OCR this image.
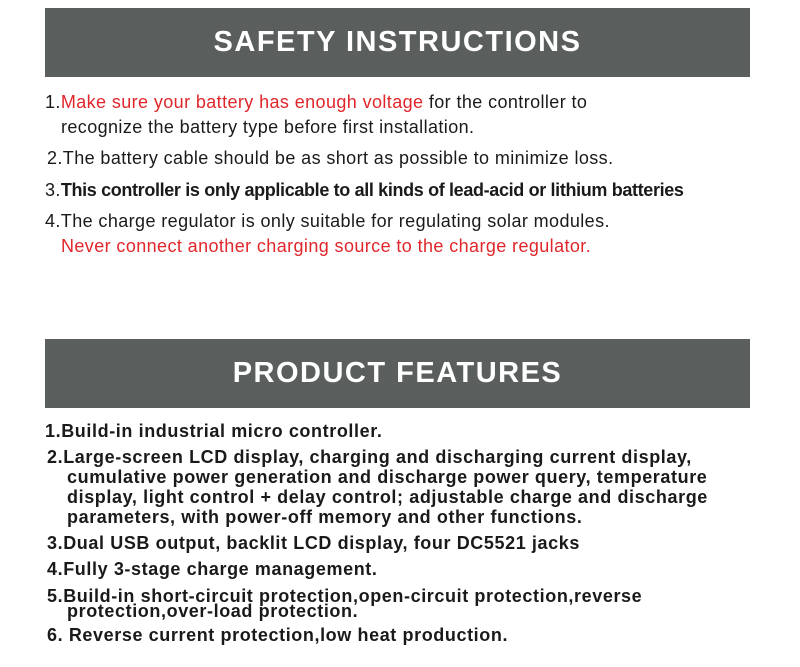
SAFETY INSTRUCTIONS
1.Make sure your battery has enough voltage for the controller to
recognize the battery type before first installation.
2.The battery cable should be as short as possible to minimize loss.
3.This controller is only applicable to all kinds of lead-acid or lithium batteries
4.The charge regulator is only suitable for regulating solar modules.
Never connect another charging source to the charge regulator.
PRODUCT FEATURES
1.Build-in industrial micro controller.
2.Large-screen LCD display, charging and discharging current display,
cumulative power generation and discharge power query, temperature
display, light control + delay control; adjustable charge and discharge
parameters, with power-off memory and other functions.
3.Dual USB output, backlit LCD display, four DC5521 jacks
4.Fully 3-stage charge management.
5.Build-in short-circuit protection,open-circuit protection,reverse
protection,over-load protection.
6. Reverse current protection,low heat production.
